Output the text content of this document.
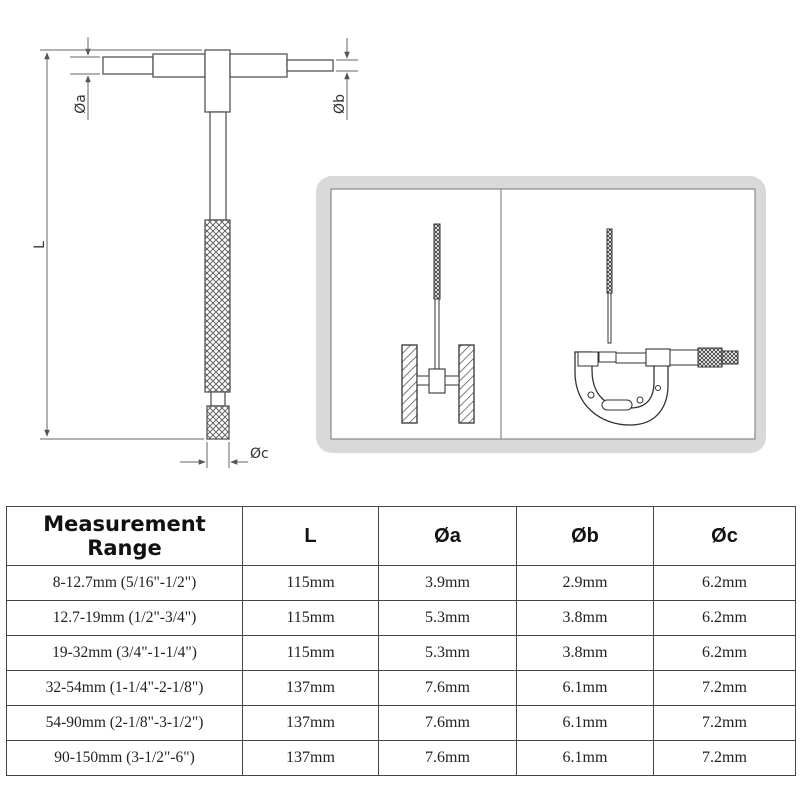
Øa	Øb
L
Øc
Measurement Range	L	Øa	Øb	Øc
8-12.7mm (5/16"-1/2")	115mm	3.9mm	2.9mm	6.2mm
12.7-19mm (1/2"-3/4")	115mm	5.3mm	3.8mm	6.2mm
19-32mm (3/4"-1-1/4")	115mm	5.3mm	3.8mm	6.2mm
32-54mm (1-1/4"-2-1/8")	137mm	7.6mm	6.1mm	7.2mm
54-90mm (2-1/8"-3-1/2")	137mm	7.6mm	6.1mm	7.2mm
90-150mm (3-1/2"-6")	137mm	7.6mm	6.1mm	7.2mm
